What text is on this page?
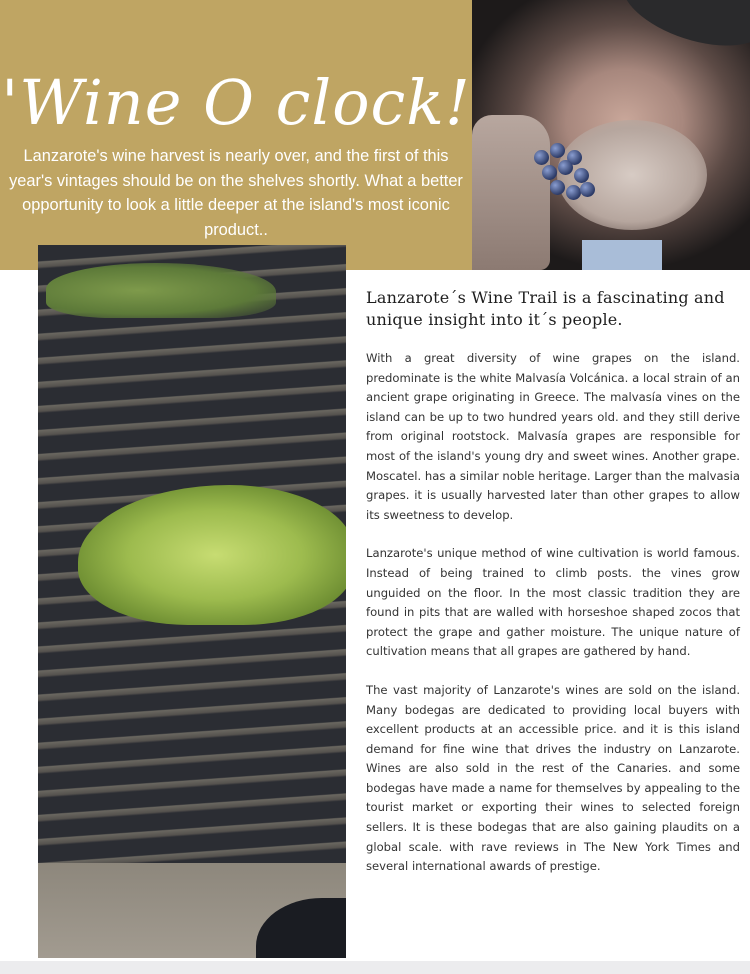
'Wine O clock!

Lanzarote's wine harvest is nearly over, and the first of this year's vintages should be on the shelves shortly. What a better opportunity to look a little deeper at the island's most iconic product..

Lanzarote´s Wine Trail is a fascinating and unique insight into it´s people.

With a great diversity of wine grapes on the island. predominate is the white Malvasía Volcánica. a local strain of an ancient grape originating in Greece. The malvasía vines on the island can be up to two hundred years old. and they still derive from original rootstock. Malvasía grapes are responsible for most of the island's young dry and sweet wines. Another grape. Moscatel. has a similar noble heritage. Larger than the malvasia grapes. it is usually harvested later than other grapes to allow its sweetness to develop.

Lanzarote's unique method of wine cultivation is world famous. Instead of being trained to climb posts. the vines grow unguided on the floor. In the most classic tradition they are found in pits that are walled with horseshoe shaped zocos that protect the grape and gather moisture. The unique nature of cultivation means that all grapes are gathered by hand.

The vast majority of Lanzarote's wines are sold on the island. Many bodegas are dedicated to providing local buyers with excellent products at an accessible price. and it is this island demand for fine wine that drives the industry on Lanzarote. Wines are also sold in the rest of the Canaries. and some bodegas have made a name for themselves by appealing to the tourist market or exporting their wines to selected foreign sellers. It is these bodegas that are also gaining plaudits on a global scale. with rave reviews in The New York Times and several international awards of prestige.
